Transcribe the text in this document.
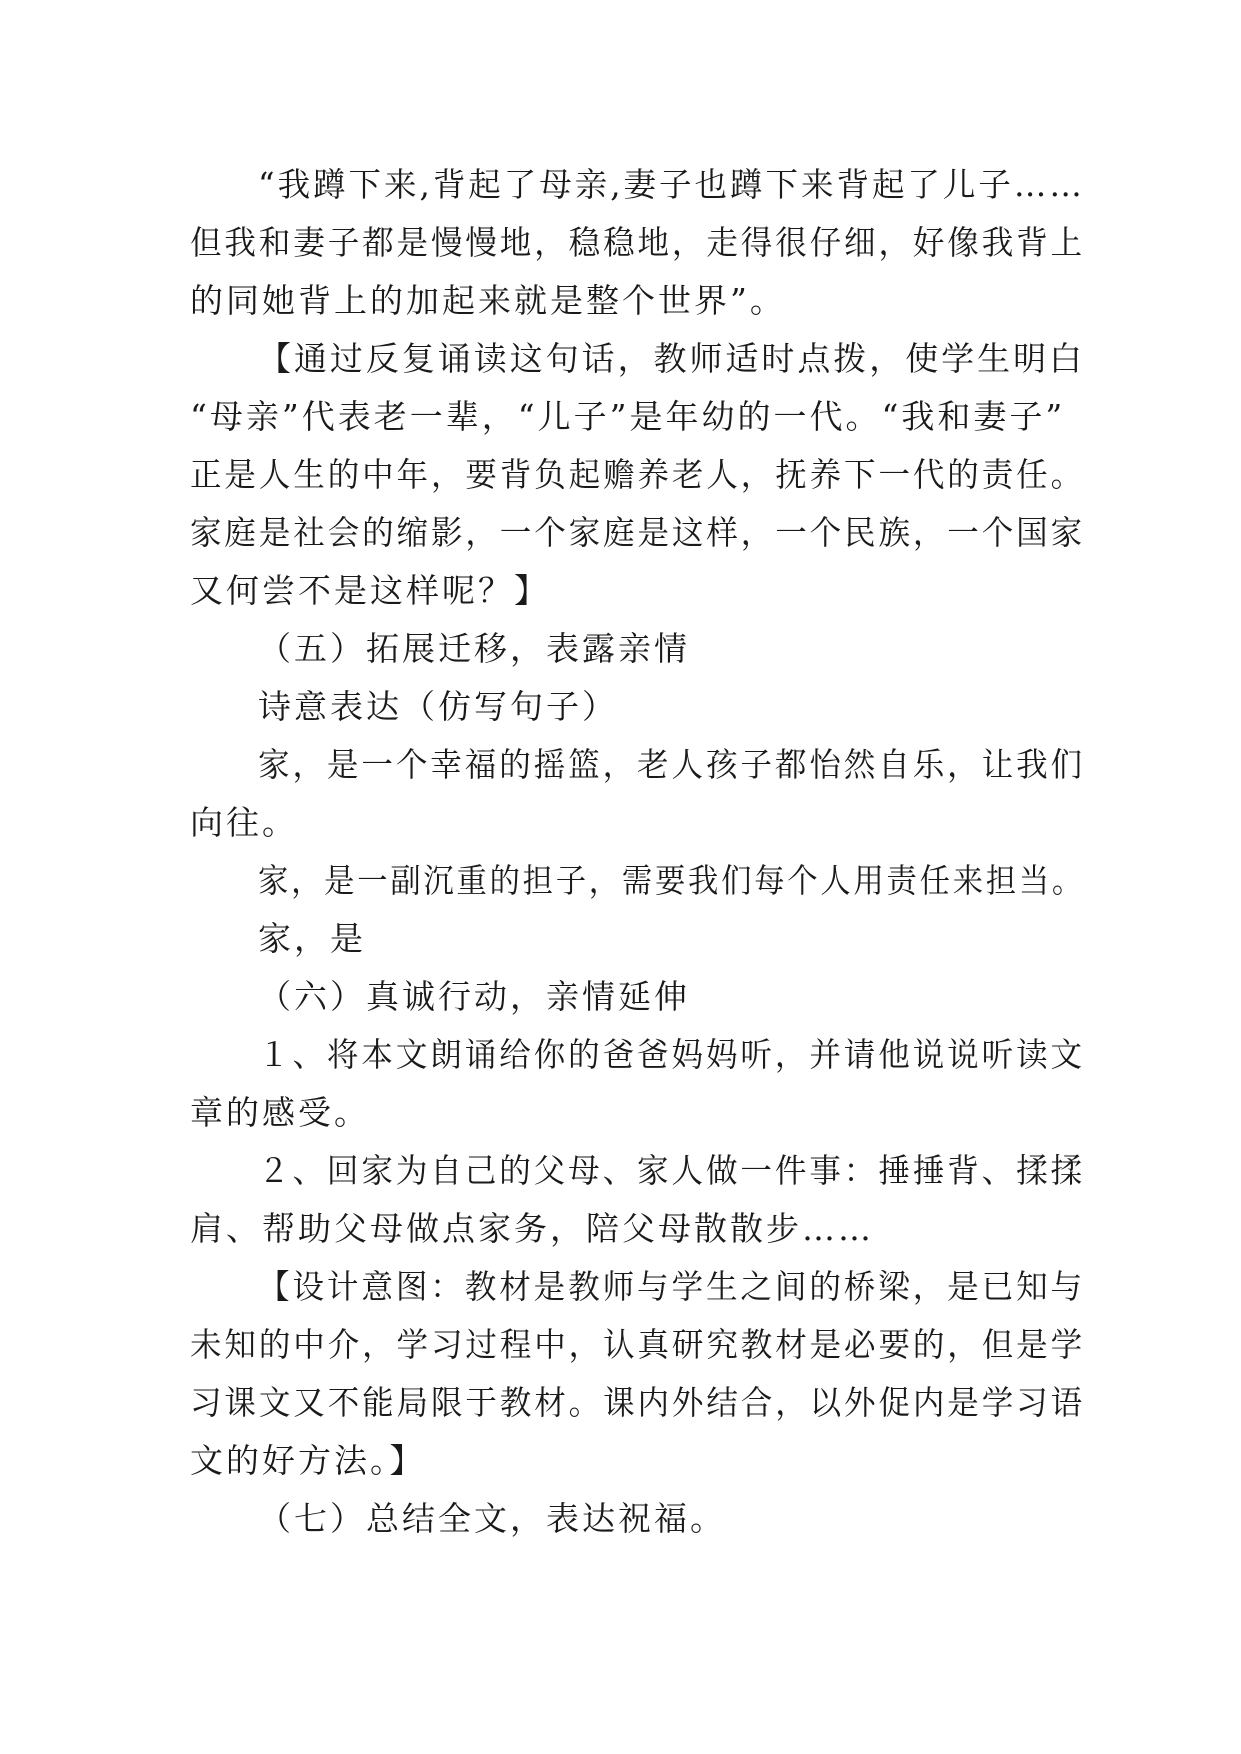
“我蹲下来,背起了母亲,妻子也蹲下来背起了儿子……
但我和妻子都是慢慢地，稳稳地，走得很仔细，好像我背上
的同她背上的加起来就是整个世界”。
【通过反复诵读这句话，教师适时点拨，使学生明白
“母亲”代表老一辈，“儿子”是年幼的一代。“我和妻子”
正是人生的中年，要背负起赡养老人，抚养下一代的责任。
家庭是社会的缩影，一个家庭是这样，一个民族，一个国家
又何尝不是这样呢？】
（五）拓展迁移，表露亲情
诗意表达（仿写句子）
家，是一个幸福的摇篮，老人孩子都怡然自乐，让我们
向往。
家，是一副沉重的担子，需要我们每个人用责任来担当。
家，是
（六）真诚行动，亲情延伸
１、将本文朗诵给你的爸爸妈妈听，并请他说说听读文
章的感受。
２、回家为自己的父母、家人做一件事：捶捶背、揉揉
肩、帮助父母做点家务，陪父母散散步……
【设计意图：教材是教师与学生之间的桥梁，是已知与
未知的中介，学习过程中，认真研究教材是必要的，但是学
习课文又不能局限于教材。课内外结合，以外促内是学习语
文的好方法。】
（七）总结全文，表达祝福。
